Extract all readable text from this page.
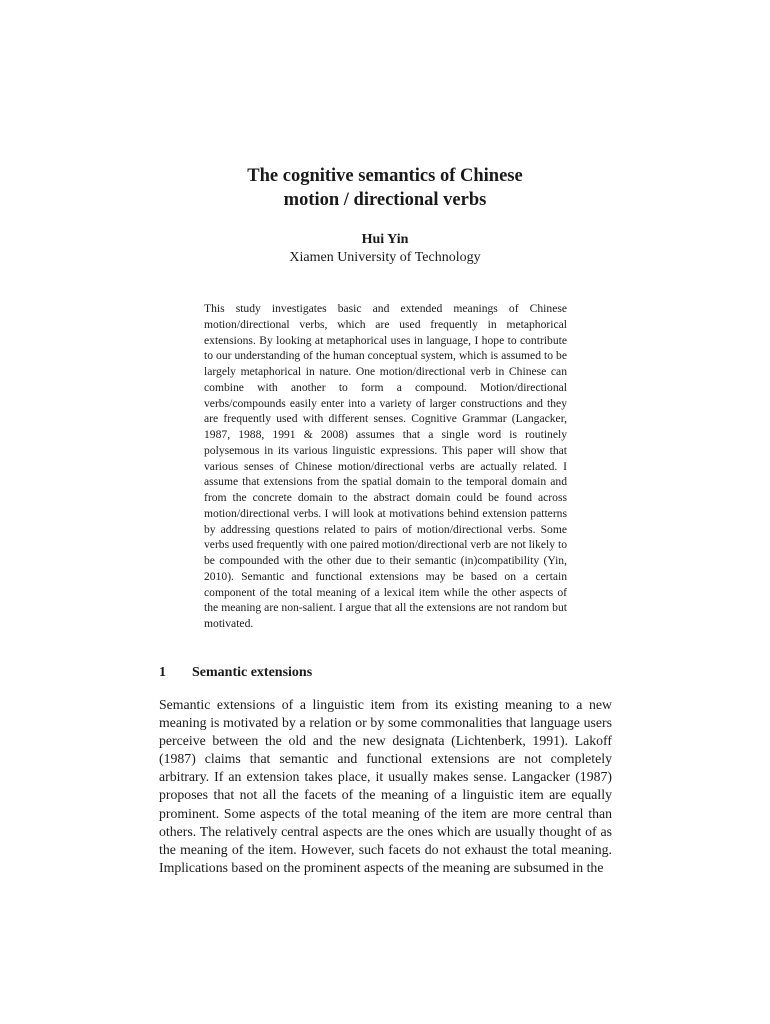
The cognitive semantics of Chinese
motion / directional verbs
Hui Yin
Xiamen University of Technology

This study investigates basic and extended meanings of Chinese motion/directional verbs, which are used frequently in metaphorical extensions. By looking at metaphorical uses in language, I hope to contribute to our understanding of the human conceptual system, which is assumed to be largely metaphorical in nature. One motion/directional verb in Chinese can combine with another to form a compound. Motion/directional verbs/compounds easily enter into a variety of larger constructions and they are frequently used with different senses. Cognitive Grammar (Langacker, 1987, 1988, 1991 & 2008) assumes that a single word is routinely polysemous in its various linguistic expressions. This paper will show that various senses of Chinese motion/directional verbs are actually related. I assume that extensions from the spatial domain to the temporal domain and from the concrete domain to the abstract domain could be found across motion/directional verbs. I will look at motivations behind extension patterns by addressing questions related to pairs of motion/directional verbs. Some verbs used frequently with one paired motion/directional verb are not likely to be compounded with the other due to their semantic (in)compatibility (Yin, 2010). Semantic and functional extensions may be based on a certain component of the total meaning of a lexical item while the other aspects of the meaning are non-salient. I argue that all the extensions are not random but motivated.

1 Semantic extensions

Semantic extensions of a linguistic item from its existing meaning to a new meaning is motivated by a relation or by some commonalities that language users perceive between the old and the new designata (Lichtenberk, 1991). Lakoff (1987) claims that semantic and functional extensions are not completely arbitrary. If an extension takes place, it usually makes sense. Langacker (1987) proposes that not all the facets of the meaning of a linguistic item are equally prominent. Some aspects of the total meaning of the item are more central than others. The relatively central aspects are the ones which are usually thought of as the meaning of the item. However, such facets do not exhaust the total meaning. Implications based on the prominent aspects of the meaning are subsumed in the
